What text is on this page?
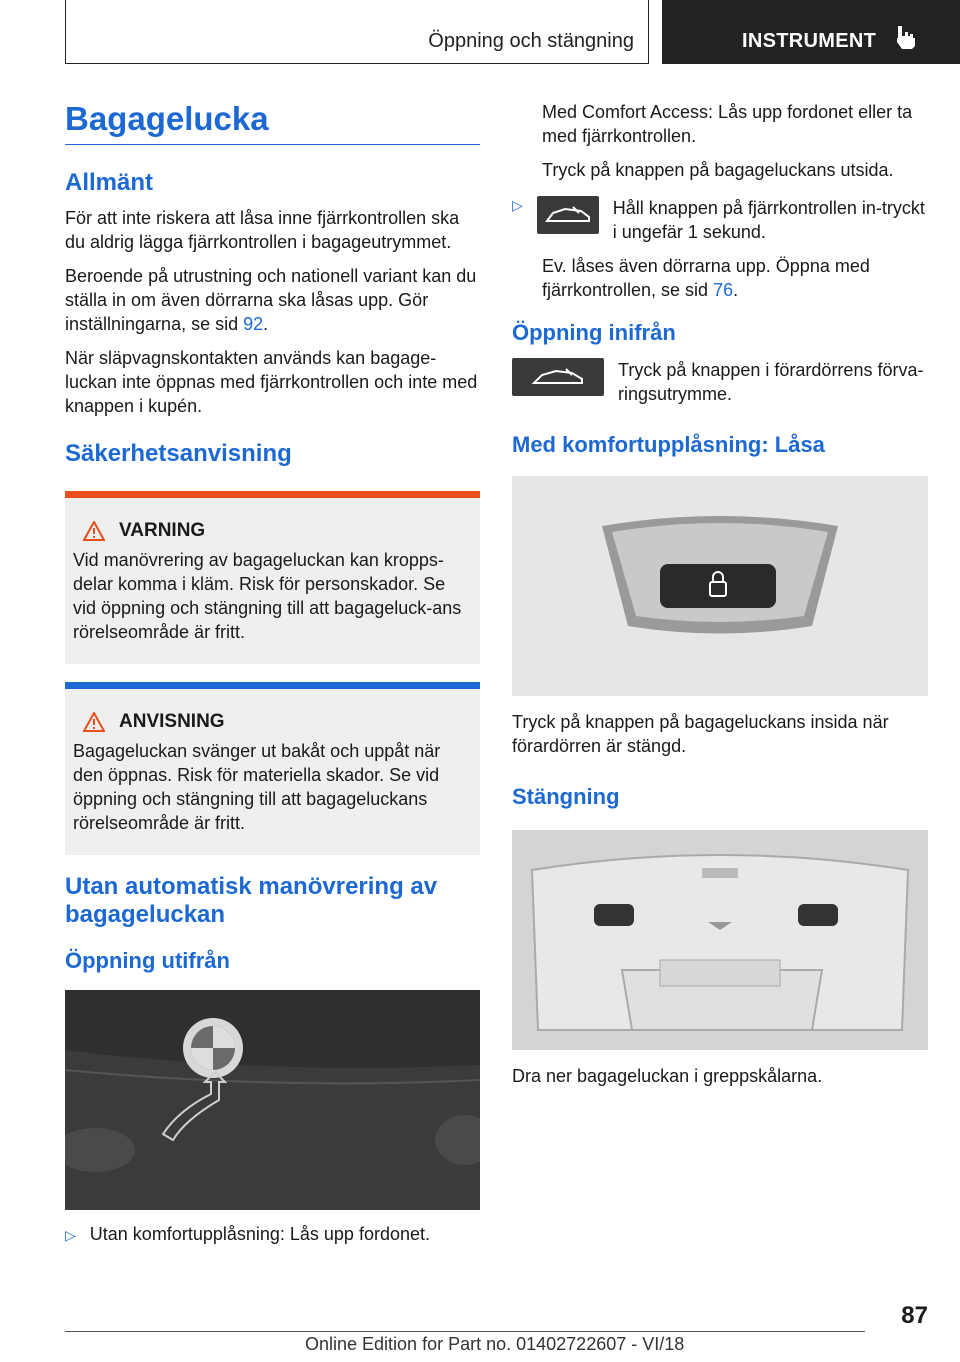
Öppning och stängning	INSTRUMENT
Bagagelucka
Allmänt

För att inte riskera att låsa inne fjärrkontrollen ska du aldrig lägga fjärrkontrollen i bagageutrymmet.

Beroende på utrustning och nationell variant kan du ställa in om även dörrarna ska låsas upp. Gör inställningarna, se sid 92.

När släpvagnskontakten används kan bagage-luckan inte öppnas med fjärrkontrollen och inte med knappen i kupén.

Säkerhetsanvisning
VARNING

Vid manövrering av bagageluckan kan kropps-delar komma i kläm. Risk för personskador. Se vid öppning och stängning till att bagageluck-ans rörelseområde är fritt.

ANVISNING

Bagageluckan svänger ut bakåt och uppåt när den öppnas. Risk för materiella skador. Se vid öppning och stängning till att bagageluckans rörelseområde är fritt.

Utan automatisk manövrering av bagageluckan
Öppning utifrån
▷ Utan komfortupplåsning: Lås upp fordonet.

Med Comfort Access: Lås upp fordonet eller ta med fjärrkontrollen.

Tryck på knappen på bagageluckans utsida.

▷	Håll knappen på fjärrkontrollen in-tryckt i ungefär 1 sekund.

Ev. låses även dörrarna upp. Öppna med fjärrkontrollen, se sid 76.

Öppning inifrån

Tryck på knappen i förardörrens förva-ringsutrymme.

Med komfortupplåsning: Låsa

Tryck på knappen på bagageluckans insida när förardörren är stängd.

Stängning

Dra ner bagageluckan i greppskålarna.

87
Online Edition for Part no. 01402722607 - VI/18
